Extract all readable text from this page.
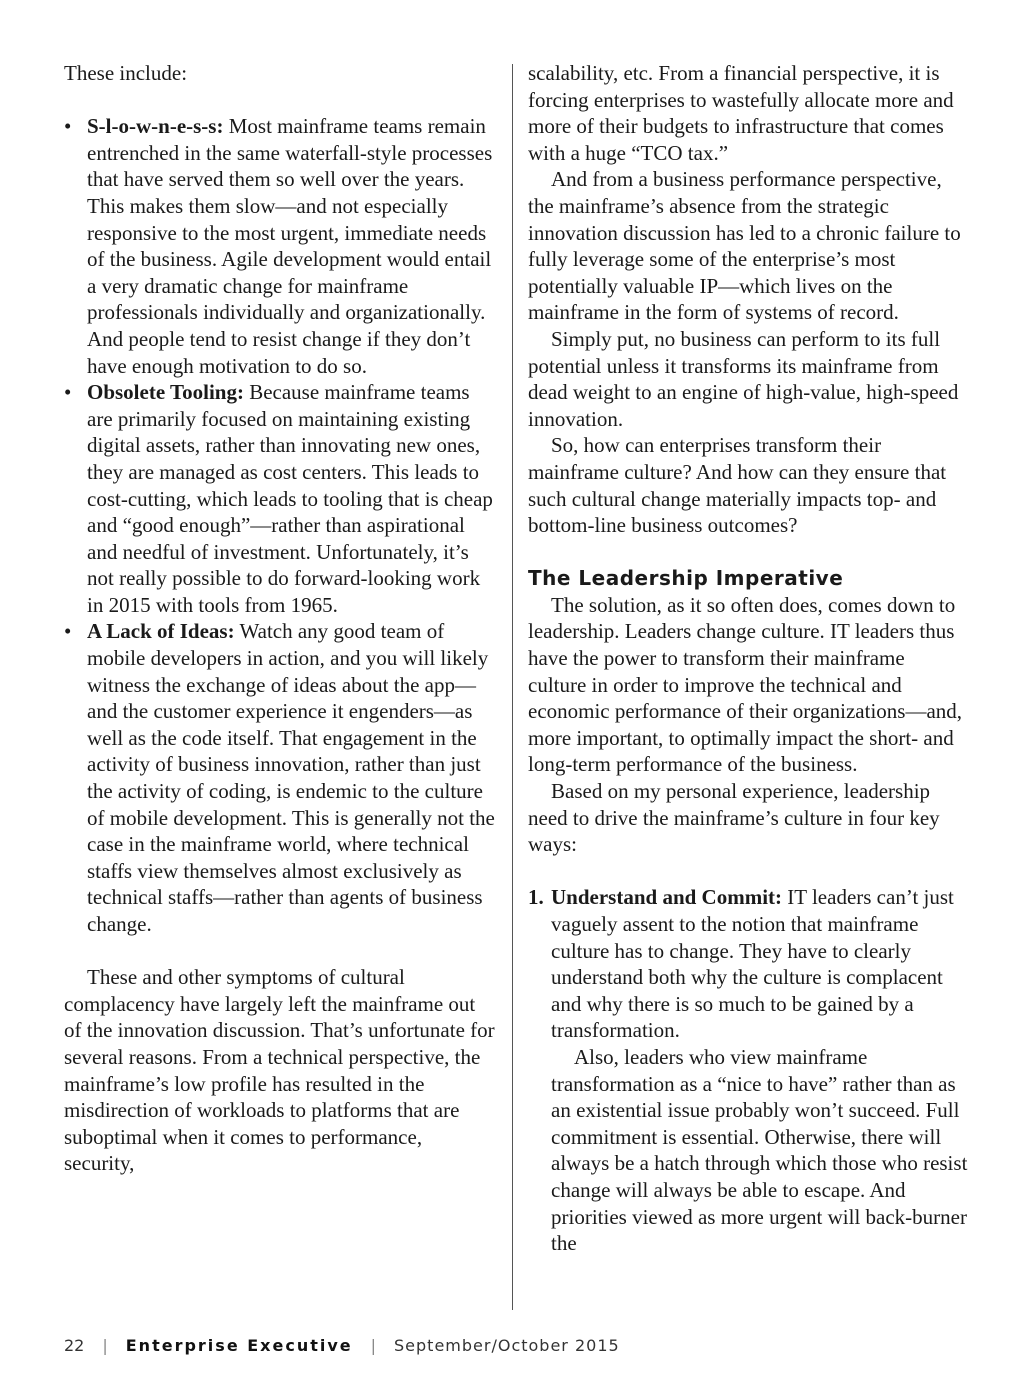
These include:

• S-l-o-w-n-e-s-s: Most mainframe teams remain entrenched in the same waterfall-style processes that have served them so well over the years. This makes them slow—and not especially responsive to the most urgent, immediate needs of the business. Agile development would entail a very dramatic change for mainframe professionals individually and organizationally. And people tend to resist change if they don’t have enough motivation to do so.
• Obsolete Tooling: Because mainframe teams are primarily focused on maintaining existing digital assets, rather than innovating new ones, they are managed as cost centers. This leads to cost-cutting, which leads to tooling that is cheap and “good enough”—rather than aspirational and needful of investment. Unfortunately, it’s not really possible to do forward-looking work in 2015 with tools from 1965.
• A Lack of Ideas: Watch any good team of mobile developers in action, and you will likely witness the exchange of ideas about the app—and the customer experience it engenders—as well as the code itself. That engagement in the activity of business innovation, rather than just the activity of coding, is endemic to the culture of mobile development. This is generally not the case in the mainframe world, where technical staffs view themselves almost exclusively as technical staffs—rather than agents of business change.

These and other symptoms of cultural complacency have largely left the mainframe out of the innovation discussion. That’s unfortunate for several reasons. From a technical perspective, the mainframe’s low profile has resulted in the misdirection of workloads to platforms that are suboptimal when it comes to performance, security,

scalability, etc. From a financial perspective, it is forcing enterprises to wastefully allocate more and more of their budgets to infrastructure that comes with a huge “TCO tax.”

And from a business performance perspective, the mainframe’s absence from the strategic innovation discussion has led to a chronic failure to fully leverage some of the enterprise’s most potentially valuable IP—which lives on the mainframe in the form of systems of record.

Simply put, no business can perform to its full potential unless it transforms its mainframe from dead weight to an engine of high-value, high-speed innovation.

So, how can enterprises transform their mainframe culture? And how can they ensure that such cultural change materially impacts top- and bottom-line business outcomes?

The Leadership Imperative

The solution, as it so often does, comes down to leadership. Leaders change culture. IT leaders thus have the power to transform their mainframe culture in order to improve the technical and economic performance of their organizations—and, more important, to optimally impact the short- and long-term performance of the business.

Based on my personal experience, leadership need to drive the mainframe’s culture in four key ways:

1. Understand and Commit: IT leaders can’t just vaguely assent to the notion that mainframe culture has to change. They have to clearly understand both why the culture is complacent and why there is so much to be gained by a transformation.

Also, leaders who view mainframe transformation as a “nice to have” rather than as an existential issue probably won’t succeed. Full commitment is essential. Otherwise, there will always be a hatch through which those who resist change will always be able to escape. And priorities viewed as more urgent will back-burner the

22 | Enterprise Executive | September/October 2015
